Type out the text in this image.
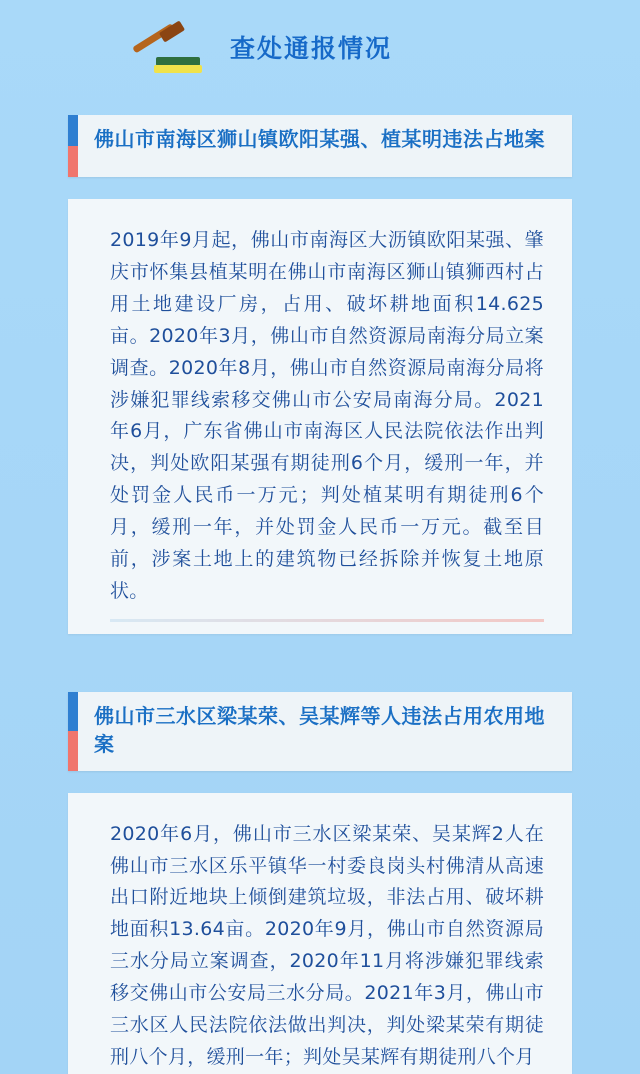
查处通报情况
佛山市南海区狮山镇欧阳某强、植某明违法占地案

2019年9月起，佛山市南海区大沥镇欧阳某强、肇庆市怀集县植某明在佛山市南海区狮山镇狮西村占用土地建设厂房，占用、破坏耕地面积14.625亩。2020年3月，佛山市自然资源局南海分局立案调查。2020年8月，佛山市自然资源局南海分局将涉嫌犯罪线索移交佛山市公安局南海分局。2021年6月，广东省佛山市南海区人民法院依法作出判决，判处欧阳某强有期徒刑6个月，缓刑一年，并处罚金人民币一万元；判处植某明有期徒刑6个月，缓刑一年，并处罚金人民币一万元。截至目前，涉案土地上的建筑物已经拆除并恢复土地原状。

佛山市三水区梁某荣、吴某辉等人违法占用农用地案

2020年6月，佛山市三水区梁某荣、吴某辉2人在佛山市三水区乐平镇华⼀村委良岗头村佛清从高速出口附近地块上倾倒建筑垃圾，非法占用、破坏耕地面积13.64亩。2020年9月，佛山市自然资源局三水分局立案调查，2020年11月将涉嫌犯罪线索移交佛山市公安局三水分局。2021年3月，佛山市三水区人民法院依法做出判决，判处梁某荣有期徒刑八个月，缓刑一年；判处吴某辉有期徒刑八个月
